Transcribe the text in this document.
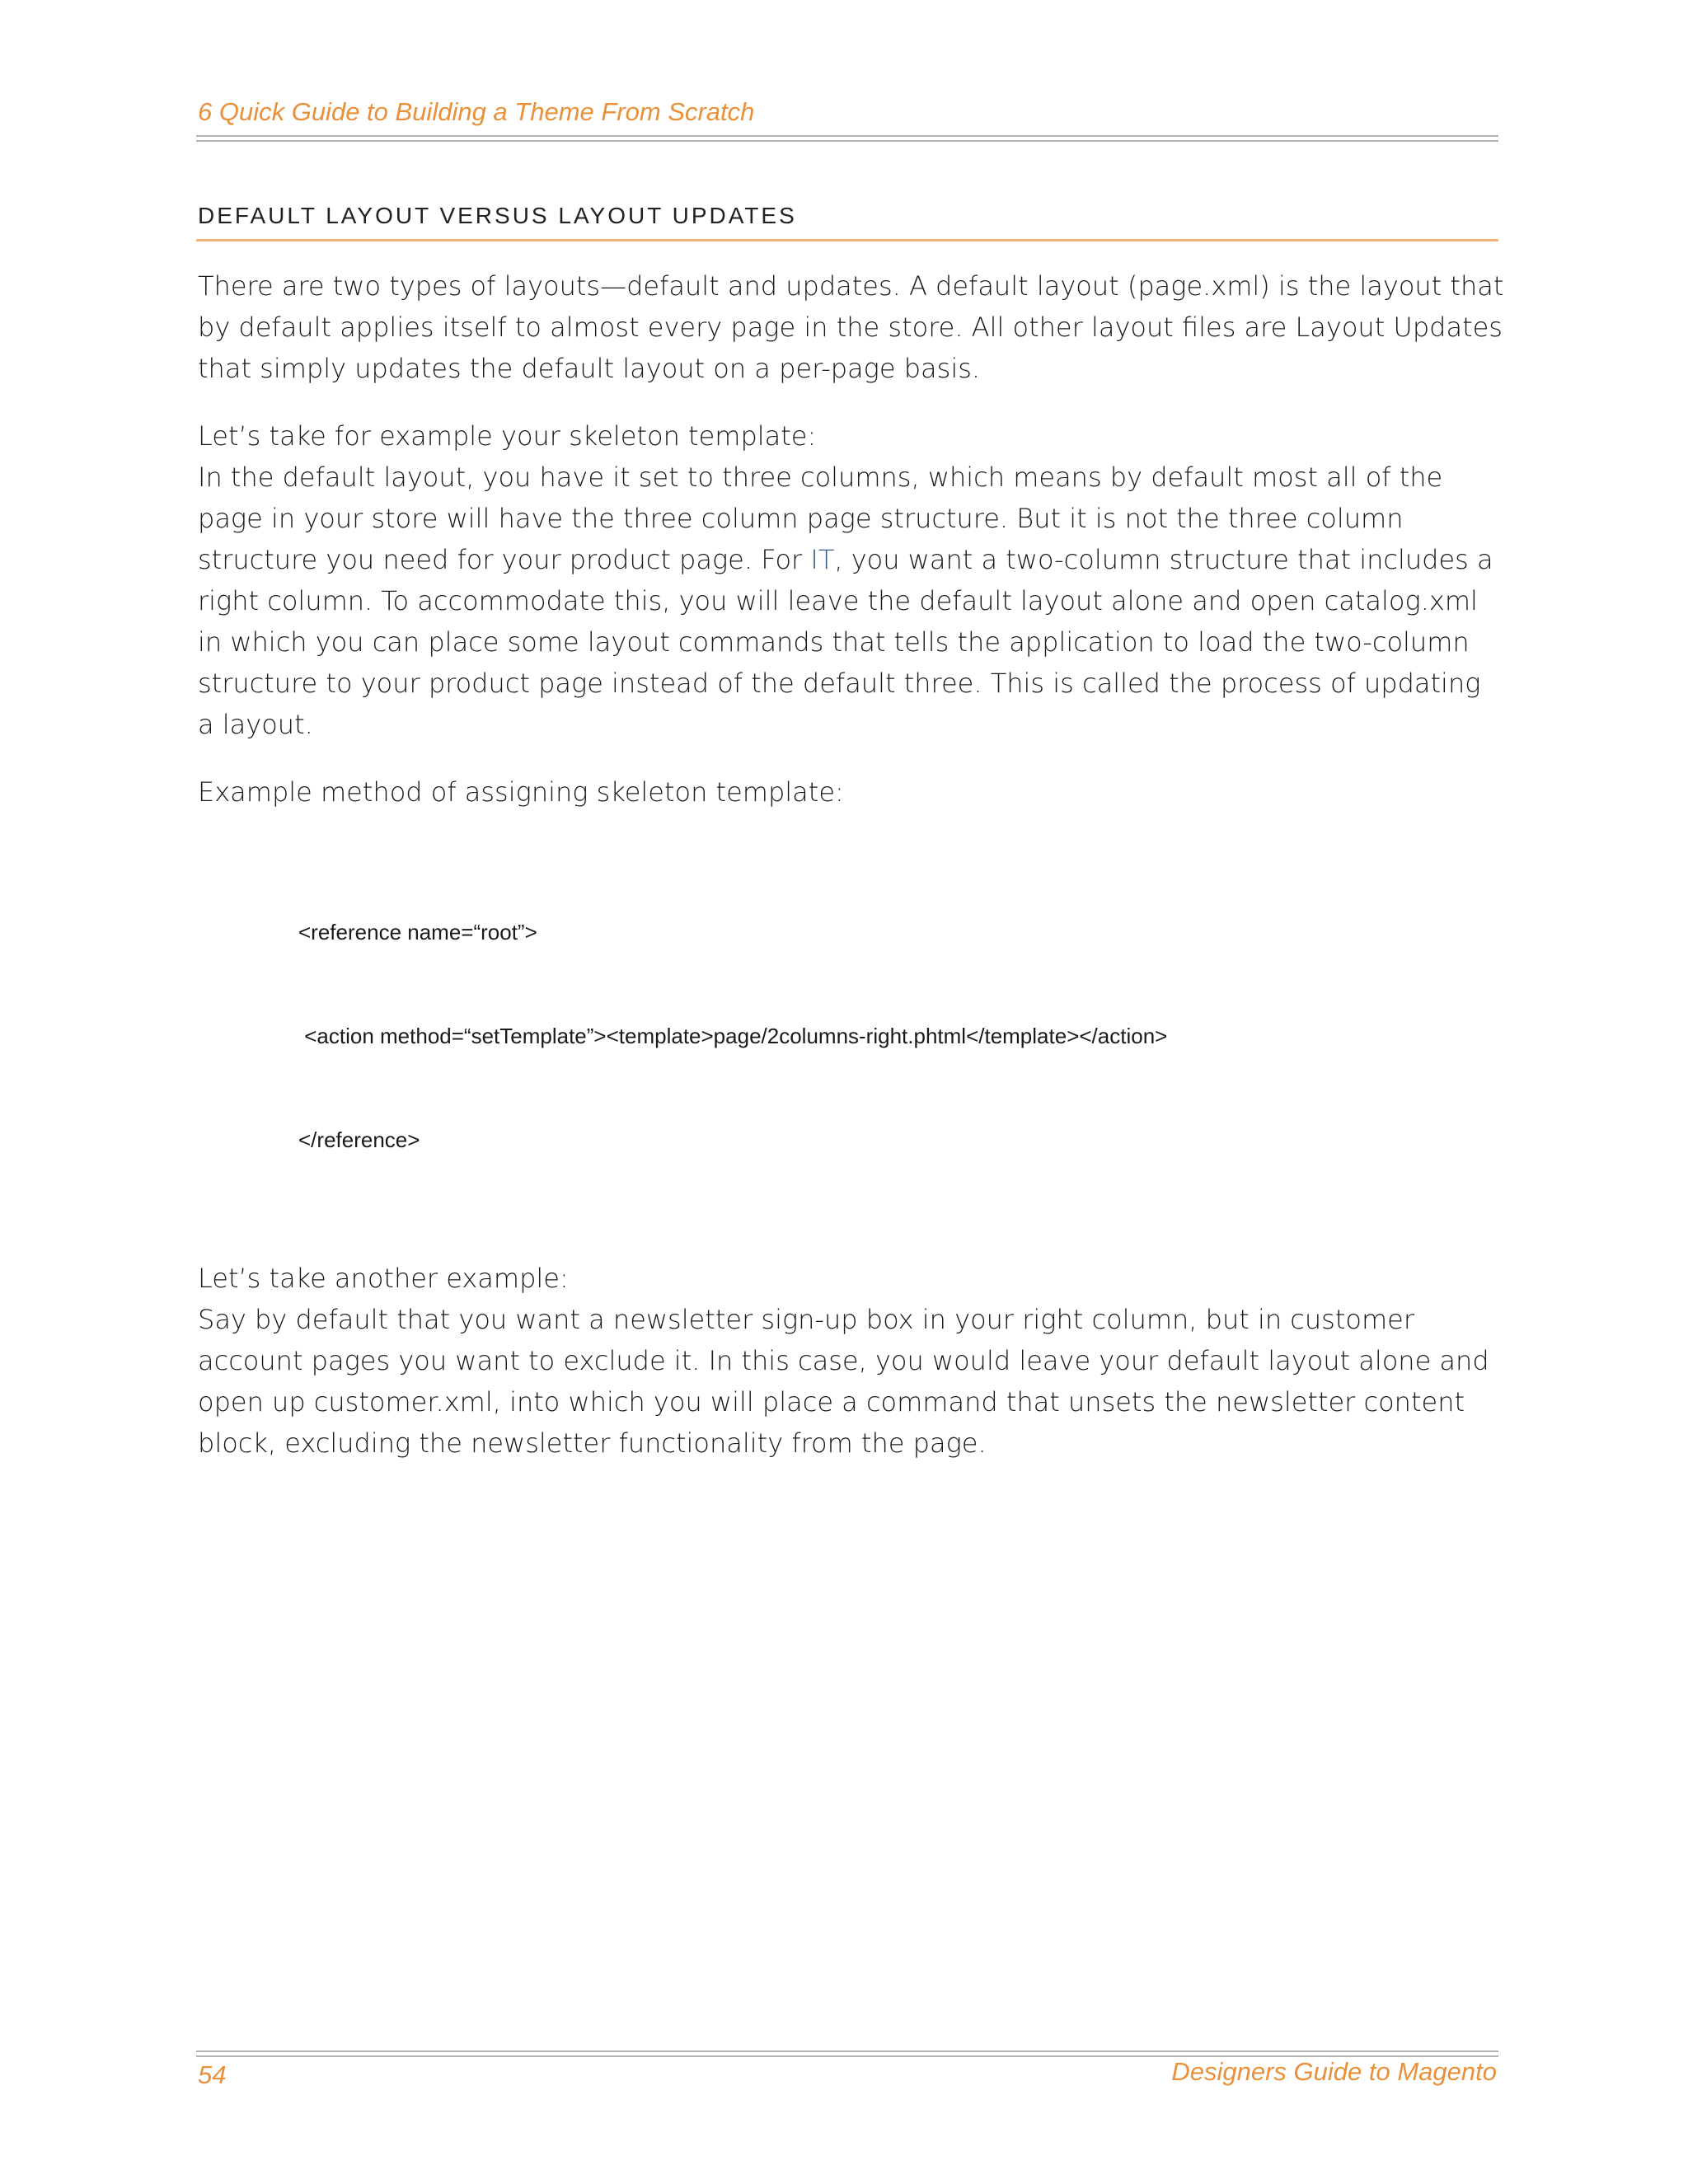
6 Quick Guide to Building a Theme From Scratch
DEFAULT LAYOUT VERSUS LAYOUT UPDATES

There are two types of layouts—default and updates. A default layout (page.xml) is the layout that by default applies itself to almost every page in the store. All other layout files are Layout Updates that simply updates the default layout on a per-page basis.

Let’s take for example your skeleton template:
In the default layout, you have it set to three columns, which means by default most all of the page in your store will have the three column page structure. But it is not the three column structure you need for your product page. For IT, you want a two-column structure that includes a right column. To accommodate this, you will leave the default layout alone and open catalog.xml in which you can place some layout commands that tells the application to load the two-column structure to your product page instead of the default three. This is called the process of updating a layout.

Example method of assigning skeleton template:

<reference name=“root”>

<action method=“setTemplate”><template>page/2columns-right.phtml</template></action>

</reference>

Let’s take another example:
Say by default that you want a newsletter sign-up box in your right column, but in customer account pages you want to exclude it. In this case, you would leave your default layout alone and open up customer.xml, into which you will place a command that unsets the newsletter content block, excluding the newsletter functionality from the page.

54	Designers Guide to Magento
